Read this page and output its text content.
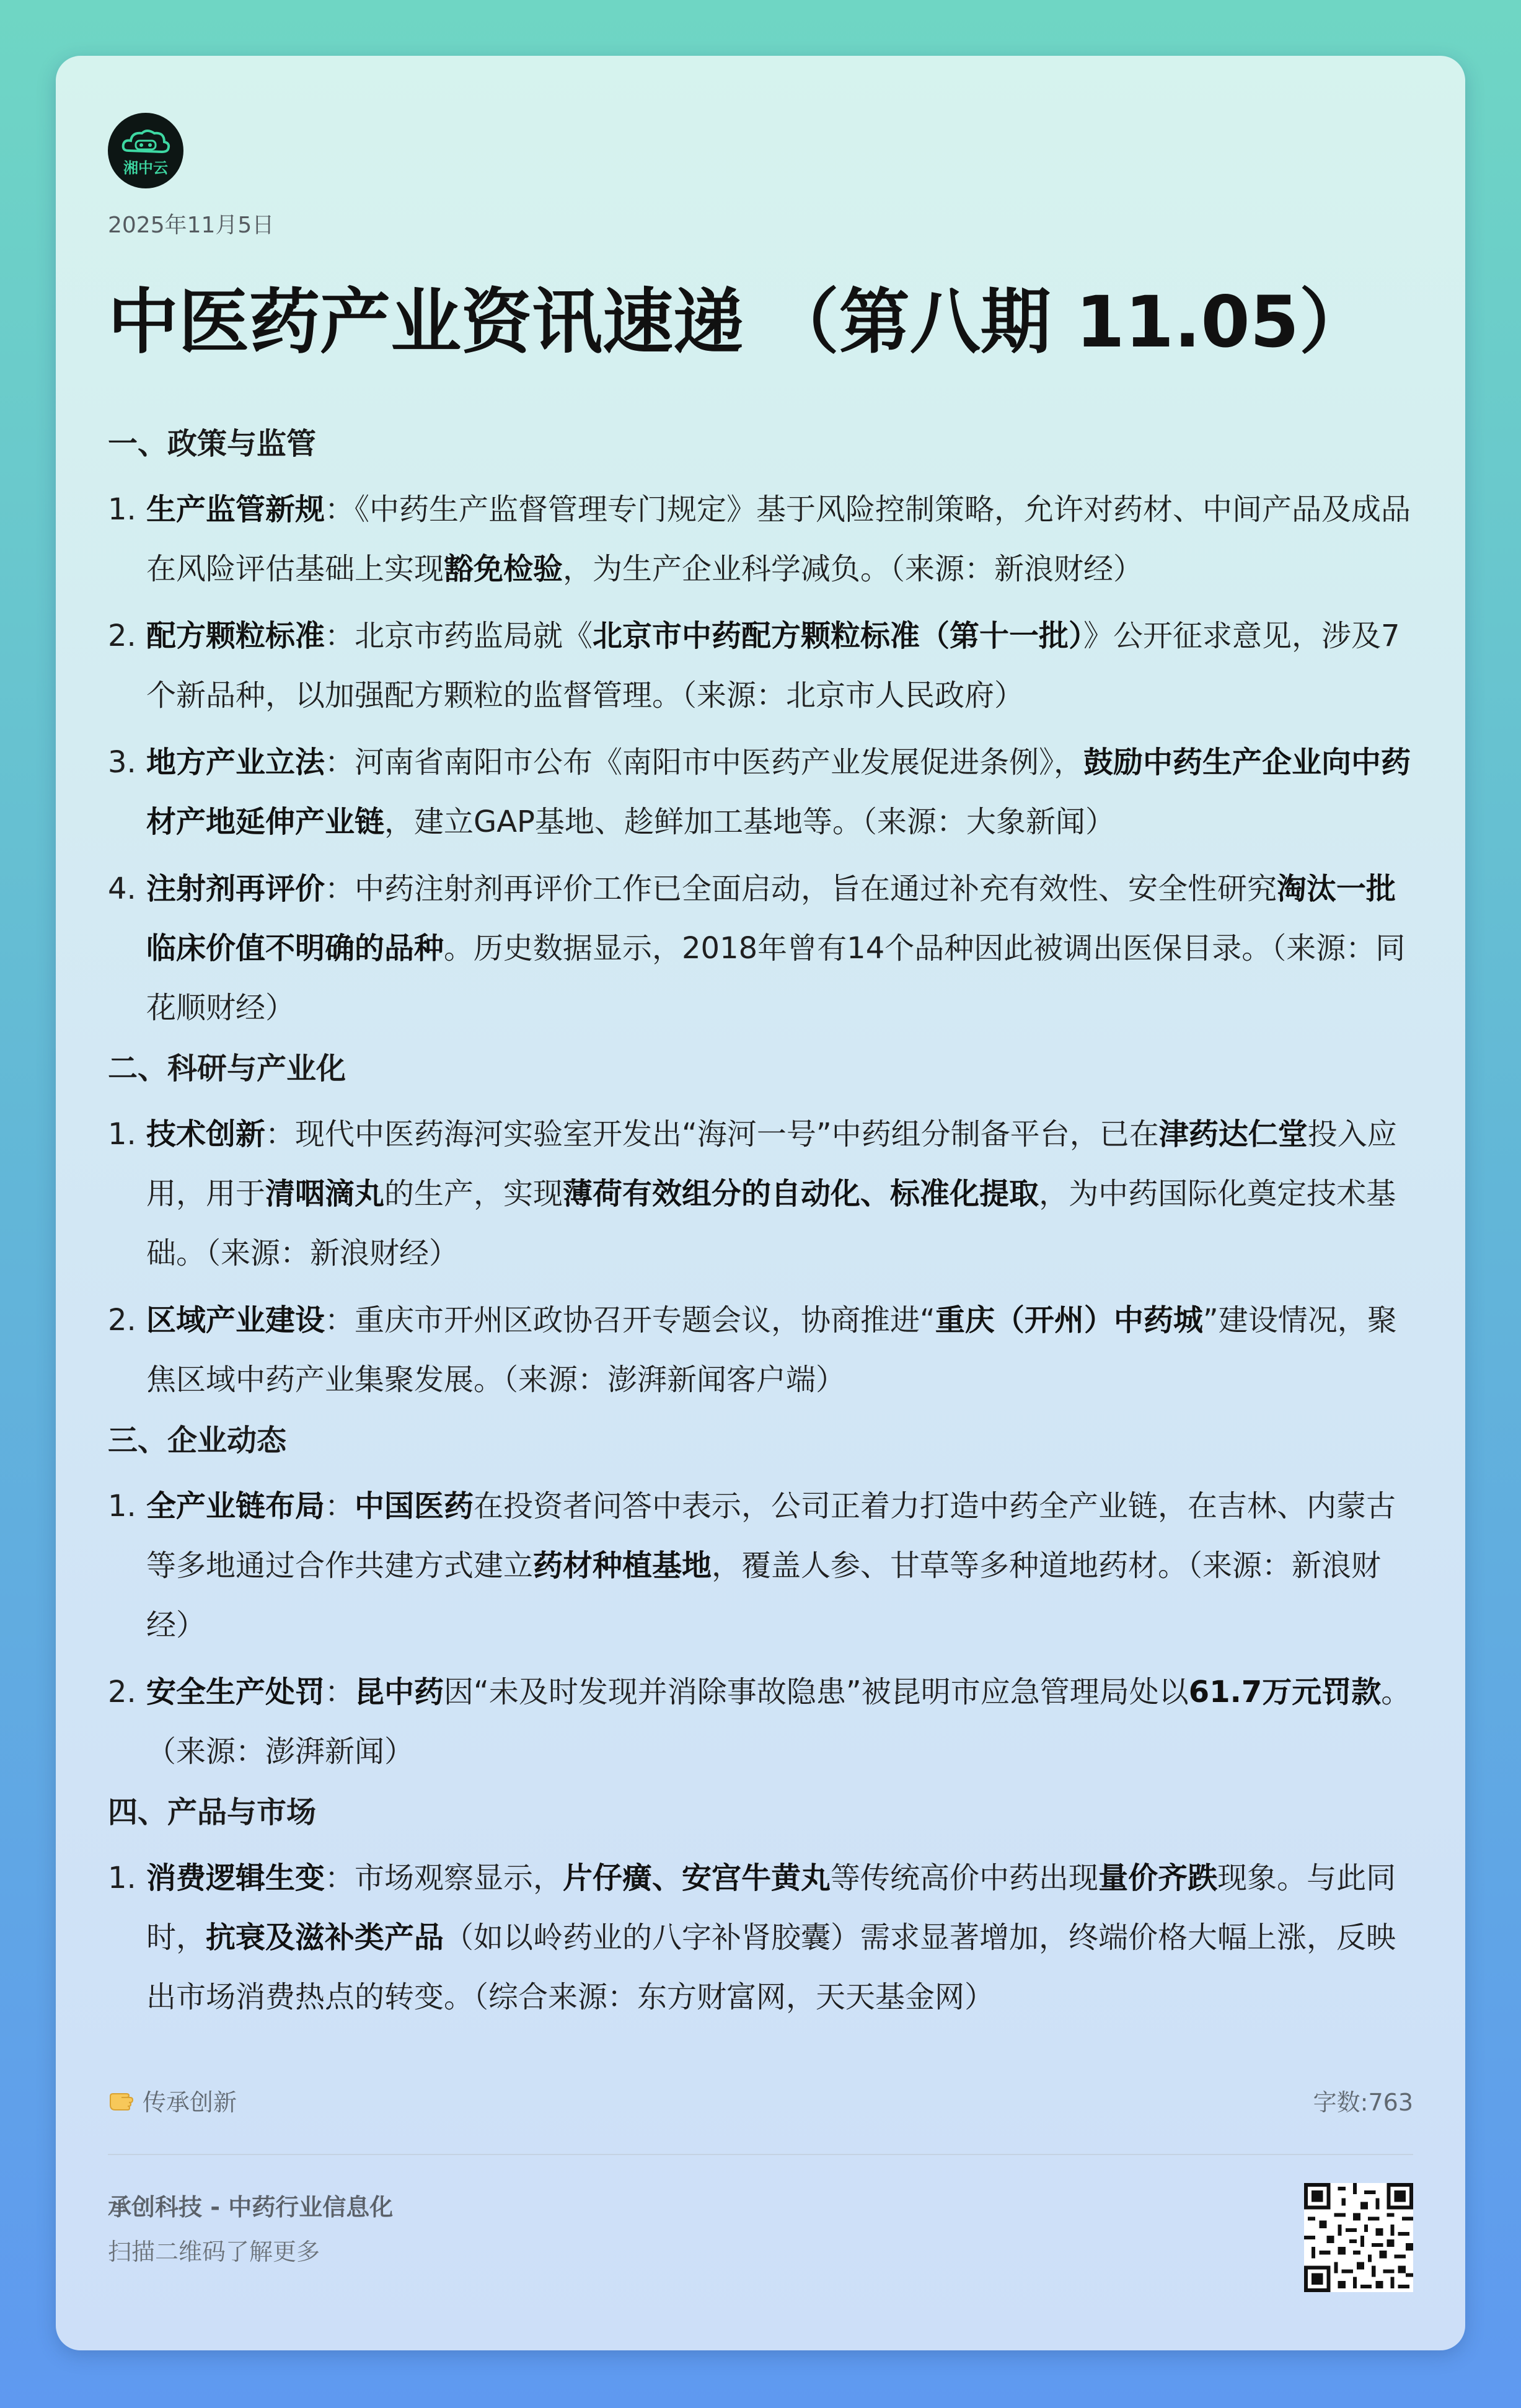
湘中云
2025年11月5日
中医药产业资讯速递 （第八期 11.05）
一、政策与监管
1. 生产监管新规：《中药生产监督管理专门规定》基于风险控制策略，允许对药材、中间产品及成品在风险评估基础上实现豁免检验，为生产企业科学减负。（来源：新浪财经）
2. 配方颗粒标准：北京市药监局就《北京市中药配方颗粒标准（第十一批）》公开征求意见，涉及7个新品种，以加强配方颗粒的监督管理。（来源：北京市人民政府）
3. 地方产业立法：河南省南阳市公布《南阳市中医药产业发展促进条例》，鼓励中药生产企业向中药材产地延伸产业链，建立GAP基地、趁鲜加工基地等。（来源：大象新闻）
4. 注射剂再评价：中药注射剂再评价工作已全面启动，旨在通过补充有效性、安全性研究淘汰一批临床价值不明确的品种。历史数据显示，2018年曾有14个品种因此被调出医保目录。（来源：同花顺财经）
二、科研与产业化
1. 技术创新：现代中医药海河实验室开发出“海河一号”中药组分制备平台，已在津药达仁堂投入应用，用于清咽滴丸的生产，实现薄荷有效组分的自动化、标准化提取，为中药国际化奠定技术基础。（来源：新浪财经）
2. 区域产业建设：重庆市开州区政协召开专题会议，协商推进“重庆（开州）中药城”建设情况，聚焦区域中药产业集聚发展。（来源：澎湃新闻客户端）
三、企业动态
1. 全产业链布局：中国医药在投资者问答中表示，公司正着力打造中药全产业链，在吉林、内蒙古等多地通过合作共建方式建立药材种植基地，覆盖人参、甘草等多种道地药材。（来源：新浪财经）
2. 安全生产处罚：昆中药因“未及时发现并消除事故隐患”被昆明市应急管理局处以61.7万元罚款。（来源：澎湃新闻）
四、产品与市场
1. 消费逻辑生变：市场观察显示，片仔癀、安宫牛黄丸等传统高价中药出现量价齐跌现象。与此同时，抗衰及滋补类产品（如以岭药业的八字补肾胶囊）需求显著增加，终端价格大幅上涨，反映出市场消费热点的转变。（综合来源：东方财富网，天天基金网）
传承创新	字数:763
承创科技 - 中药行业信息化
扫描二维码了解更多
